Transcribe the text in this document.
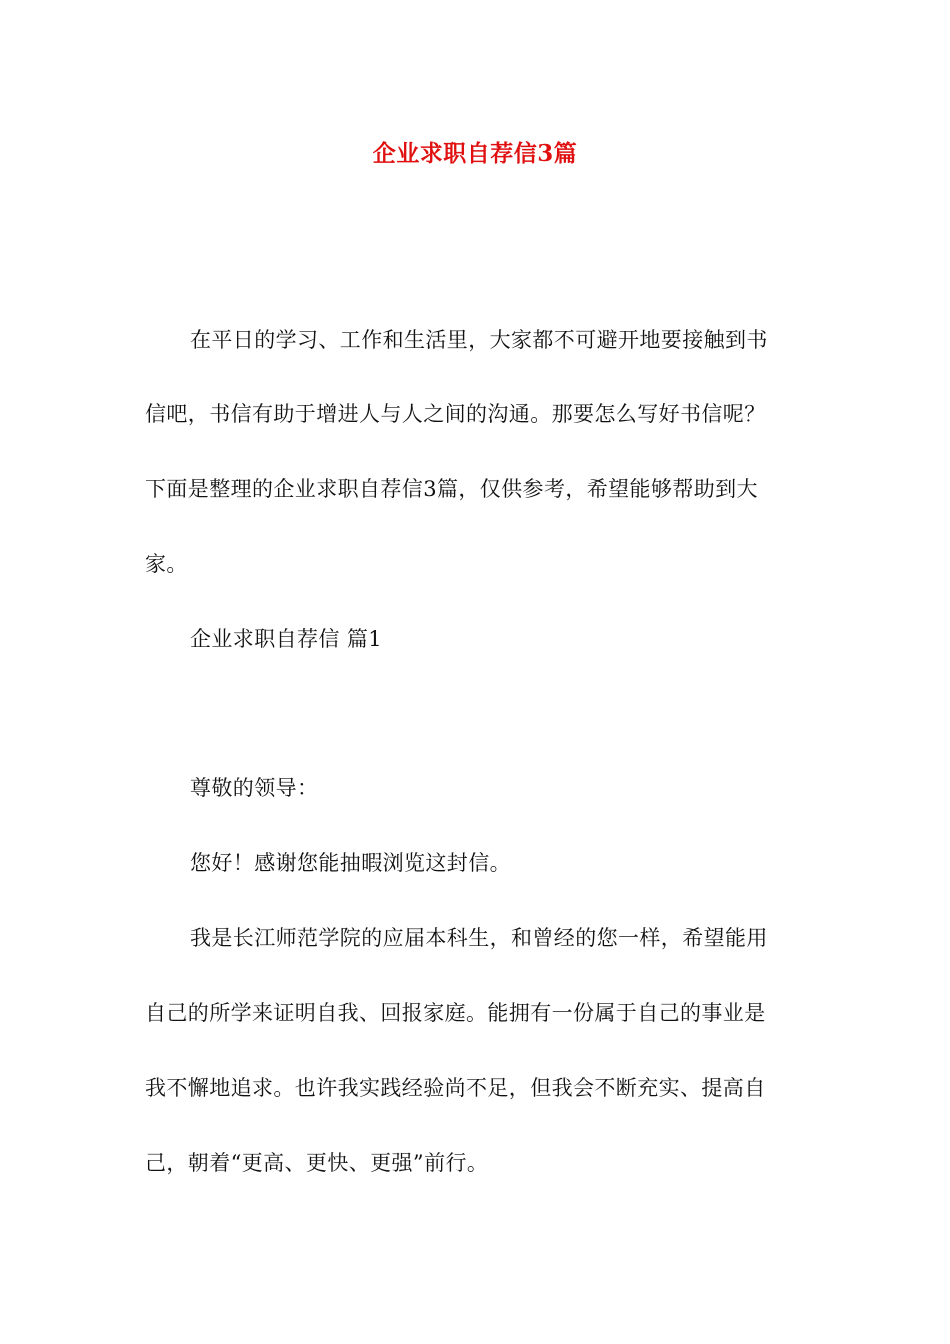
企业求职自荐信3篇
在平日的学习、工作和生活里，大家都不可避开地要接触到书
信吧，书信有助于增进人与人之间的沟通。那要怎么写好书信呢？
下面是整理的企业求职自荐信3篇，仅供参考，希望能够帮助到大
家。
企业求职自荐信 篇1
尊敬的领导：
您好！感谢您能抽暇浏览这封信。
我是长江师范学院的应届本科生，和曾经的您一样，希望能用
自己的所学来证明自我、回报家庭。能拥有一份属于自己的事业是
我不懈地追求。也许我实践经验尚不足，但我会不断充实、提高自
己，朝着“更高、更快、更强”前行。
